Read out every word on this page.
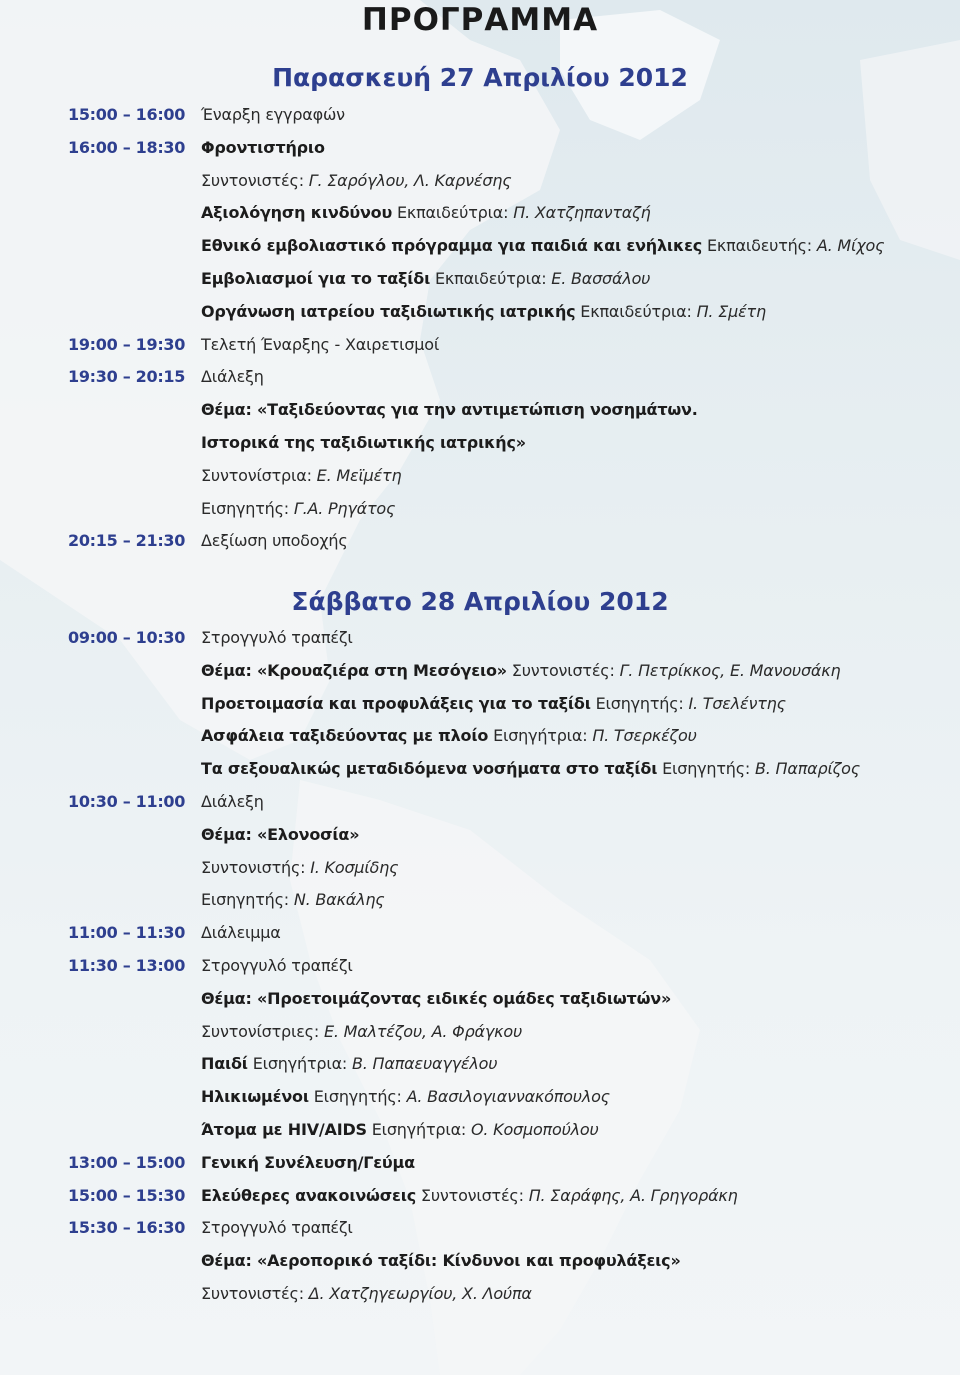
ΠΡΟΓΡΑΜΜΑ
Παρασκευή 27 Απριλίου 2012
Σάββατο 28 Απριλίου 2012
15:00 – 16:00 Έναρξη εγγραφών
16:00 – 18:30 Φροντιστήριο
Συντονιστές: Γ. Σαρόγλου, Λ. Καρνέσης
Αξιολόγηση κινδύνου Εκπαιδεύτρια: Π. Χατζηπανταζή
Εθνικό εμβολιαστικό πρόγραμμα για παιδιά και ενήλικες Εκπαιδευτής: Α. Μίχος
Εμβολιασμοί για το ταξίδι Εκπαιδεύτρια: Ε. Βασσάλου
Οργάνωση ιατρείου ταξιδιωτικής ιατρικής Εκπαιδεύτρια: Π. Σμέτη
19:00 – 19:30 Τελετή Έναρξης - Χαιρετισμοί
19:30 – 20:15 Διάλεξη
Θέμα: «Ταξιδεύοντας για την αντιμετώπιση νοσημάτων.
Ιστορικά της ταξιδιωτικής ιατρικής»
Συντονίστρια: Ε. Μεϊμέτη
Εισηγητής: Γ.Α. Ρηγάτος
20:15 – 21:30 Δεξίωση υποδοχής
09:00 – 10:30 Στρογγυλό τραπέζι
Θέμα: «Κρουαζιέρα στη Μεσόγειο» Συντονιστές: Γ. Πετρίκκος, Ε. Μανουσάκη
Προετοιμασία και προφυλάξεις για το ταξίδι Εισηγητής: Ι. Τσελέντης
Ασφάλεια ταξιδεύοντας με πλοίο Εισηγήτρια: Π. Τσερκέζου
Τα σεξουαλικώς μεταδιδόμενα νοσήματα στο ταξίδι Εισηγητής: Β. Παπαρίζος
10:30 – 11:00 Διάλεξη
Θέμα: «Ελονοσία»
Συντονιστής: Ι. Κοσμίδης
Εισηγητής: Ν. Βακάλης
11:00 – 11:30 Διάλειμμα
11:30 – 13:00 Στρογγυλό τραπέζι
Θέμα: «Προετοιμάζοντας ειδικές ομάδες ταξιδιωτών»
Συντονίστριες: Ε. Μαλτέζου, Α. Φράγκου
Παιδί Εισηγήτρια: Β. Παπαευαγγέλου
Ηλικιωμένοι Εισηγητής: Α. Βασιλογιαννακόπουλος
Άτομα με HIV/AIDS Εισηγήτρια: Ο. Κοσμοπούλου
13:00 – 15:00 Γενική Συνέλευση/Γεύμα
15:00 – 15:30 Ελεύθερες ανακοινώσεις Συντονιστές: Π. Σαράφης, Α. Γρηγοράκη
15:30 – 16:30 Στρογγυλό τραπέζι
Θέμα: «Αεροπορικό ταξίδι: Κίνδυνοι και προφυλάξεις»
Συντονιστές: Δ. Χατζηγεωργίου, Χ. Λούπα
